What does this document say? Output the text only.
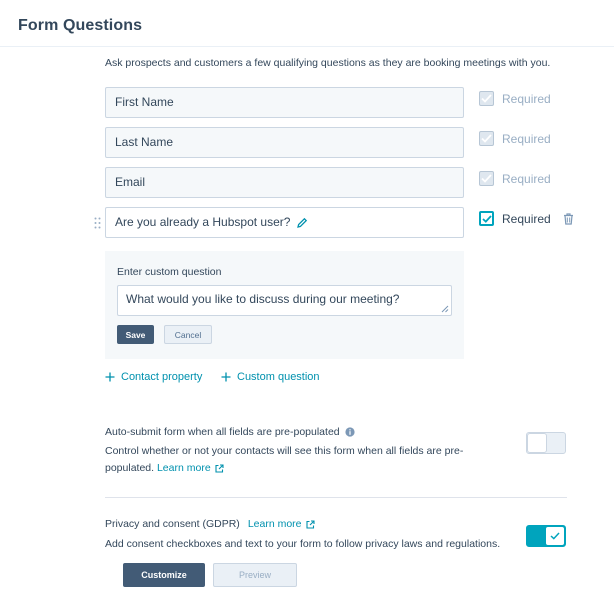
Form Questions
Ask prospects and customers a few qualifying questions as they are booking meetings with you.
First Name	Required
Last Name	Required
Email	Required
Are you already a Hubspot user?	Required
Enter custom question
What would you like to discuss during our meeting?
Save	Cancel
Contact property	Custom question
Auto-submit form when all fields are pre-populated
Control whether or not your contacts will see this form when all fields are pre-populated. Learn more
Privacy and consent (GDPR) Learn more
Add consent checkboxes and text to your form to follow privacy laws and regulations.
Customize	Preview
